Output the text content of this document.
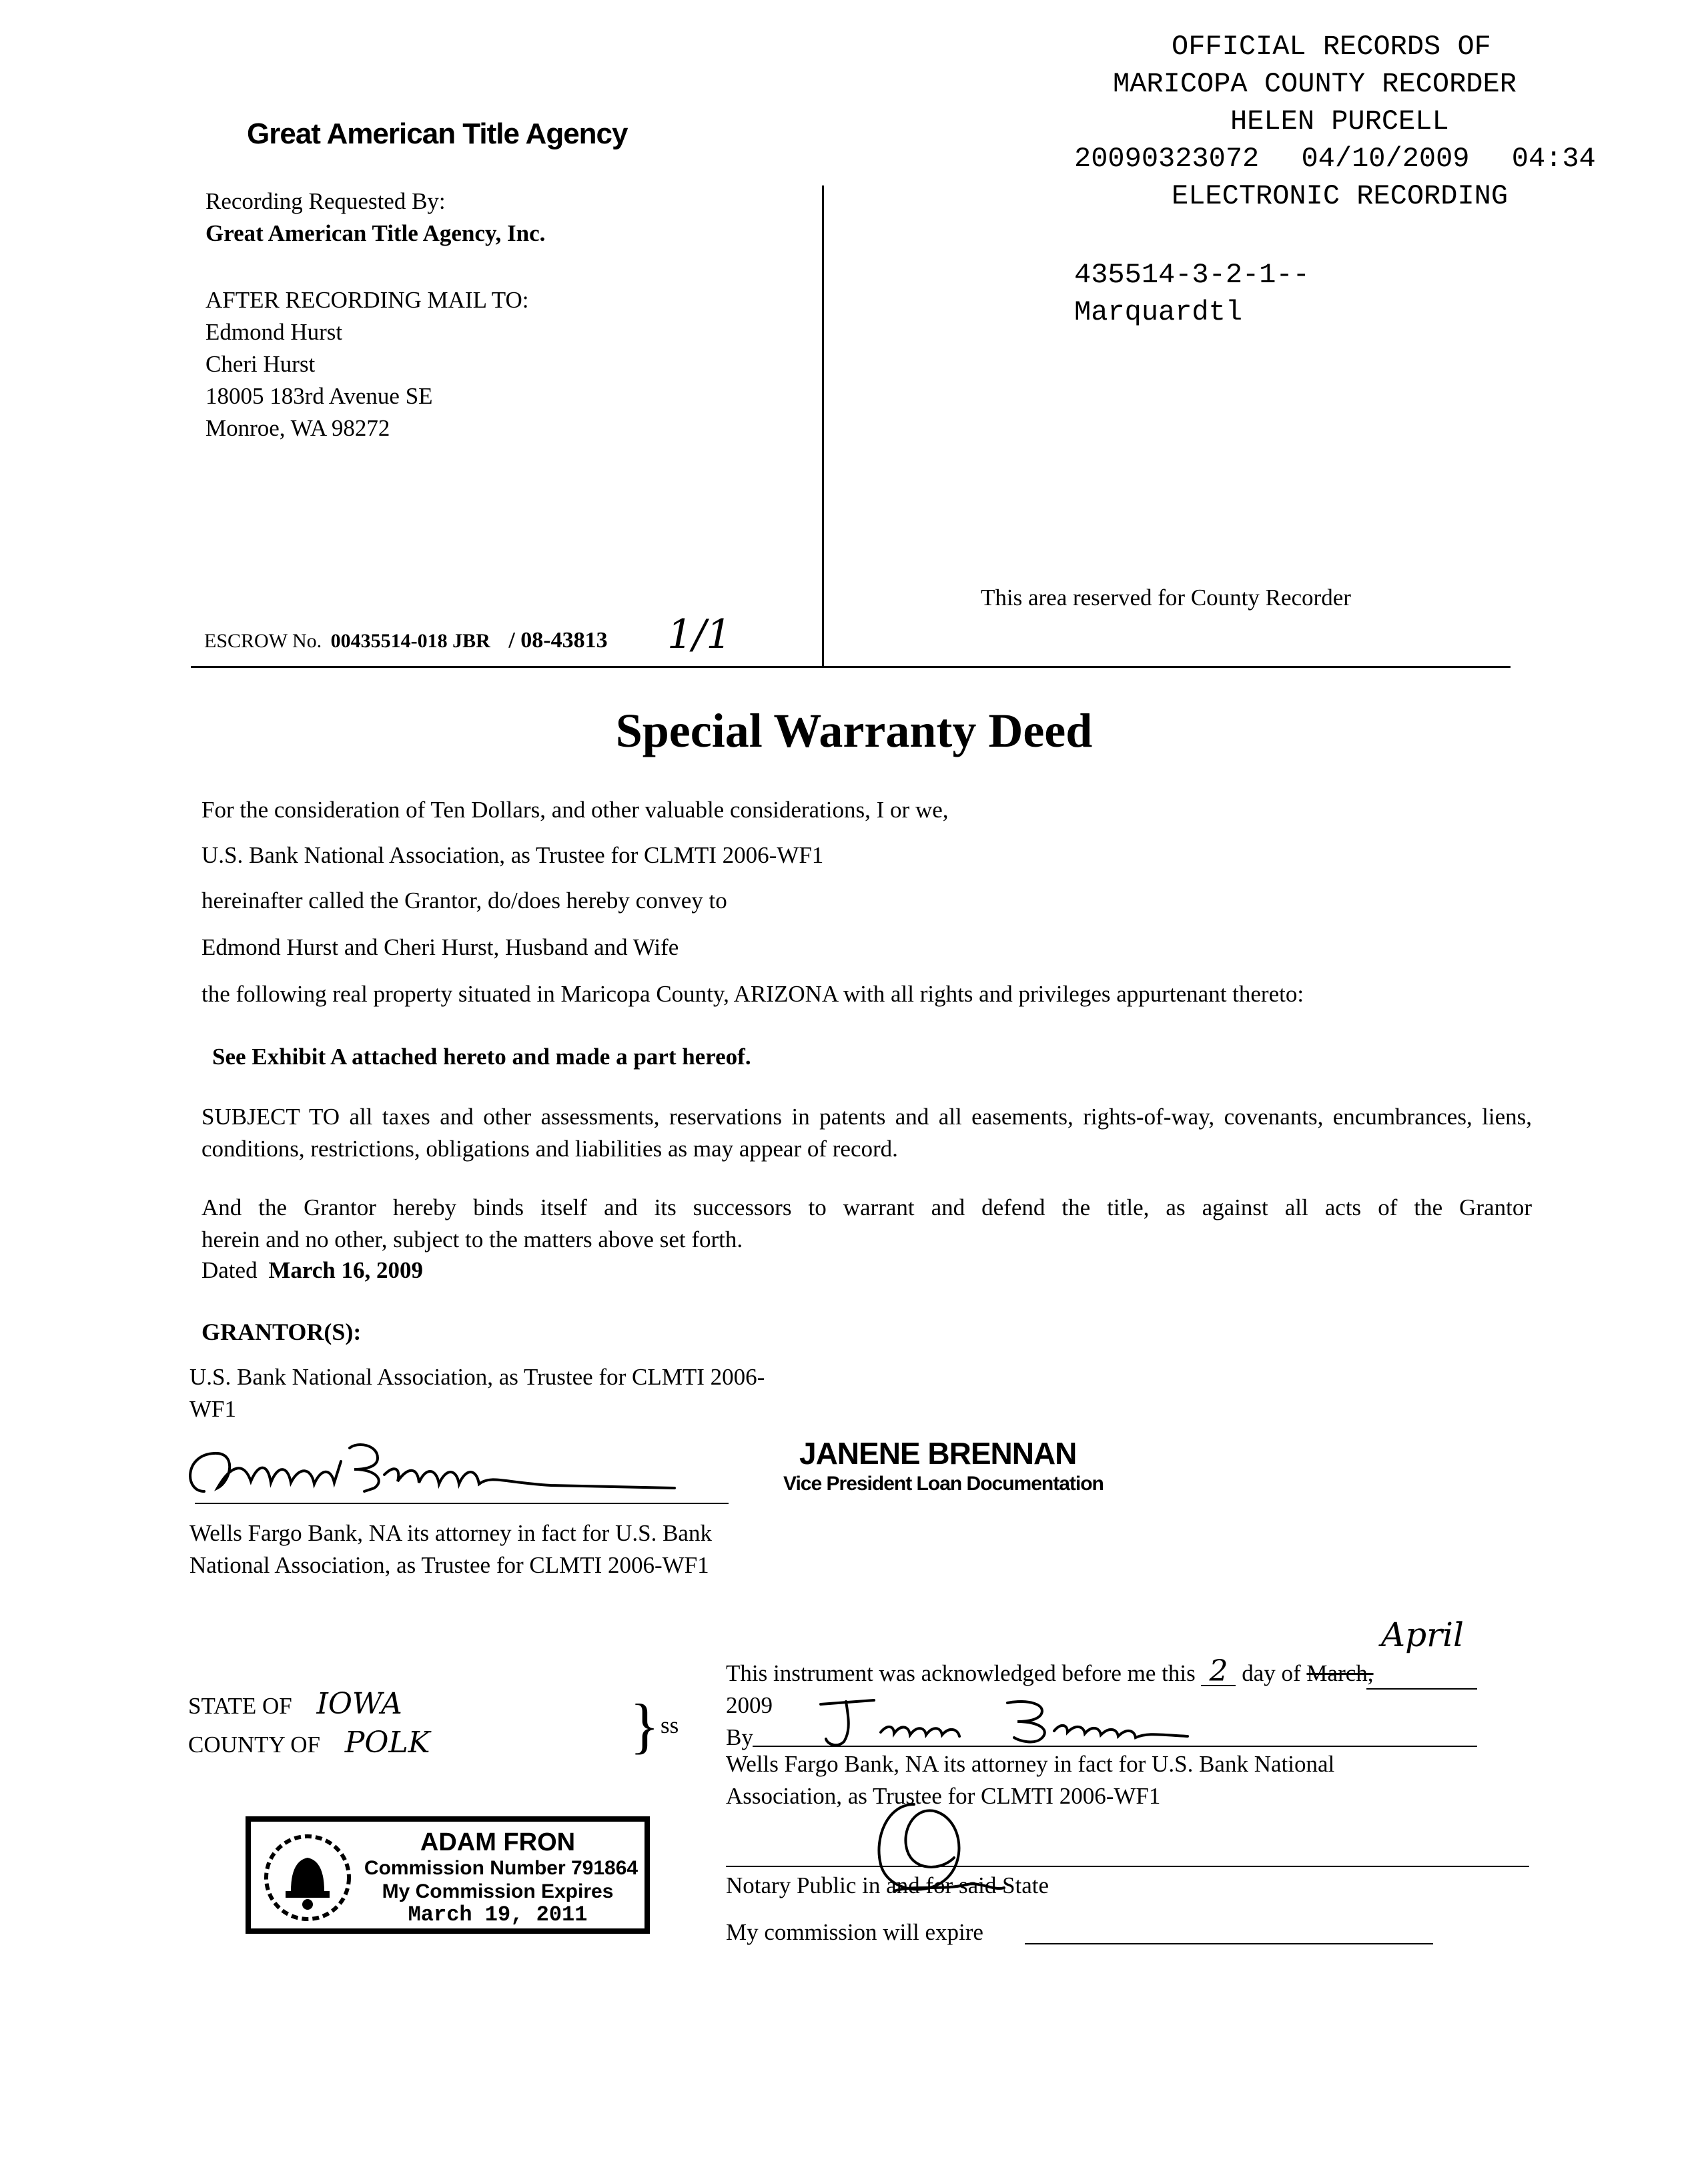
Great American Title Agency
Recording Requested By:
Great American Title Agency, Inc.
AFTER RECORDING MAIL TO:
Edmond Hurst
Cheri Hurst
18005 183rd Avenue SE
Monroe, WA 98272
ESCROW No. 00435514-018 JBR / 08-43813 1/1
OFFICIAL RECORDS OF
MARICOPA COUNTY RECORDER
HELEN PURCELL
20090323072 04/10/2009 04:34
ELECTRONIC RECORDING
435514-3-2-1--
Marquardtl
This area reserved for County Recorder
Special Warranty Deed
For the consideration of Ten Dollars, and other valuable considerations, I or we,
U.S. Bank National Association, as Trustee for CLMTI 2006-WF1
hereinafter called the Grantor, do/does hereby convey to
Edmond Hurst and Cheri Hurst, Husband and Wife
the following real property situated in Maricopa County, ARIZONA with all rights and privileges appurtenant thereto:
See Exhibit A attached hereto and made a part hereof.
SUBJECT TO all taxes and other assessments, reservations in patents and all easements, rights-of-way, covenants, encumbrances, liens, conditions, restrictions, obligations and liabilities as may appear of record.
And the Grantor hereby binds itself and its successors to warrant and defend the title, as against all acts of the Grantor
herein and no other, subject to the matters above set forth.
Dated March 16, 2009
GRANTOR(S):
U.S. Bank National Association, as Trustee for CLMTI 2006-
WF1
JANENE BRENNAN
Vice President Loan Documentation
Wells Fargo Bank, NA its attorney in fact for U.S. Bank
National Association, as Trustee for CLMTI 2006-WF1
STATE OF IOWA
COUNTY OF POLK	} ss
ADAM FRON
Commission Number 791864
My Commission Expires
March 19, 2011
This instrument was acknowledged before me this 2 day of March,
April
2009
By
Wells Fargo Bank, NA its attorney in fact for U.S. Bank National
Association, as Trustee for CLMTI 2006-WF1
Notary Public in and for said State
My commission will expire
